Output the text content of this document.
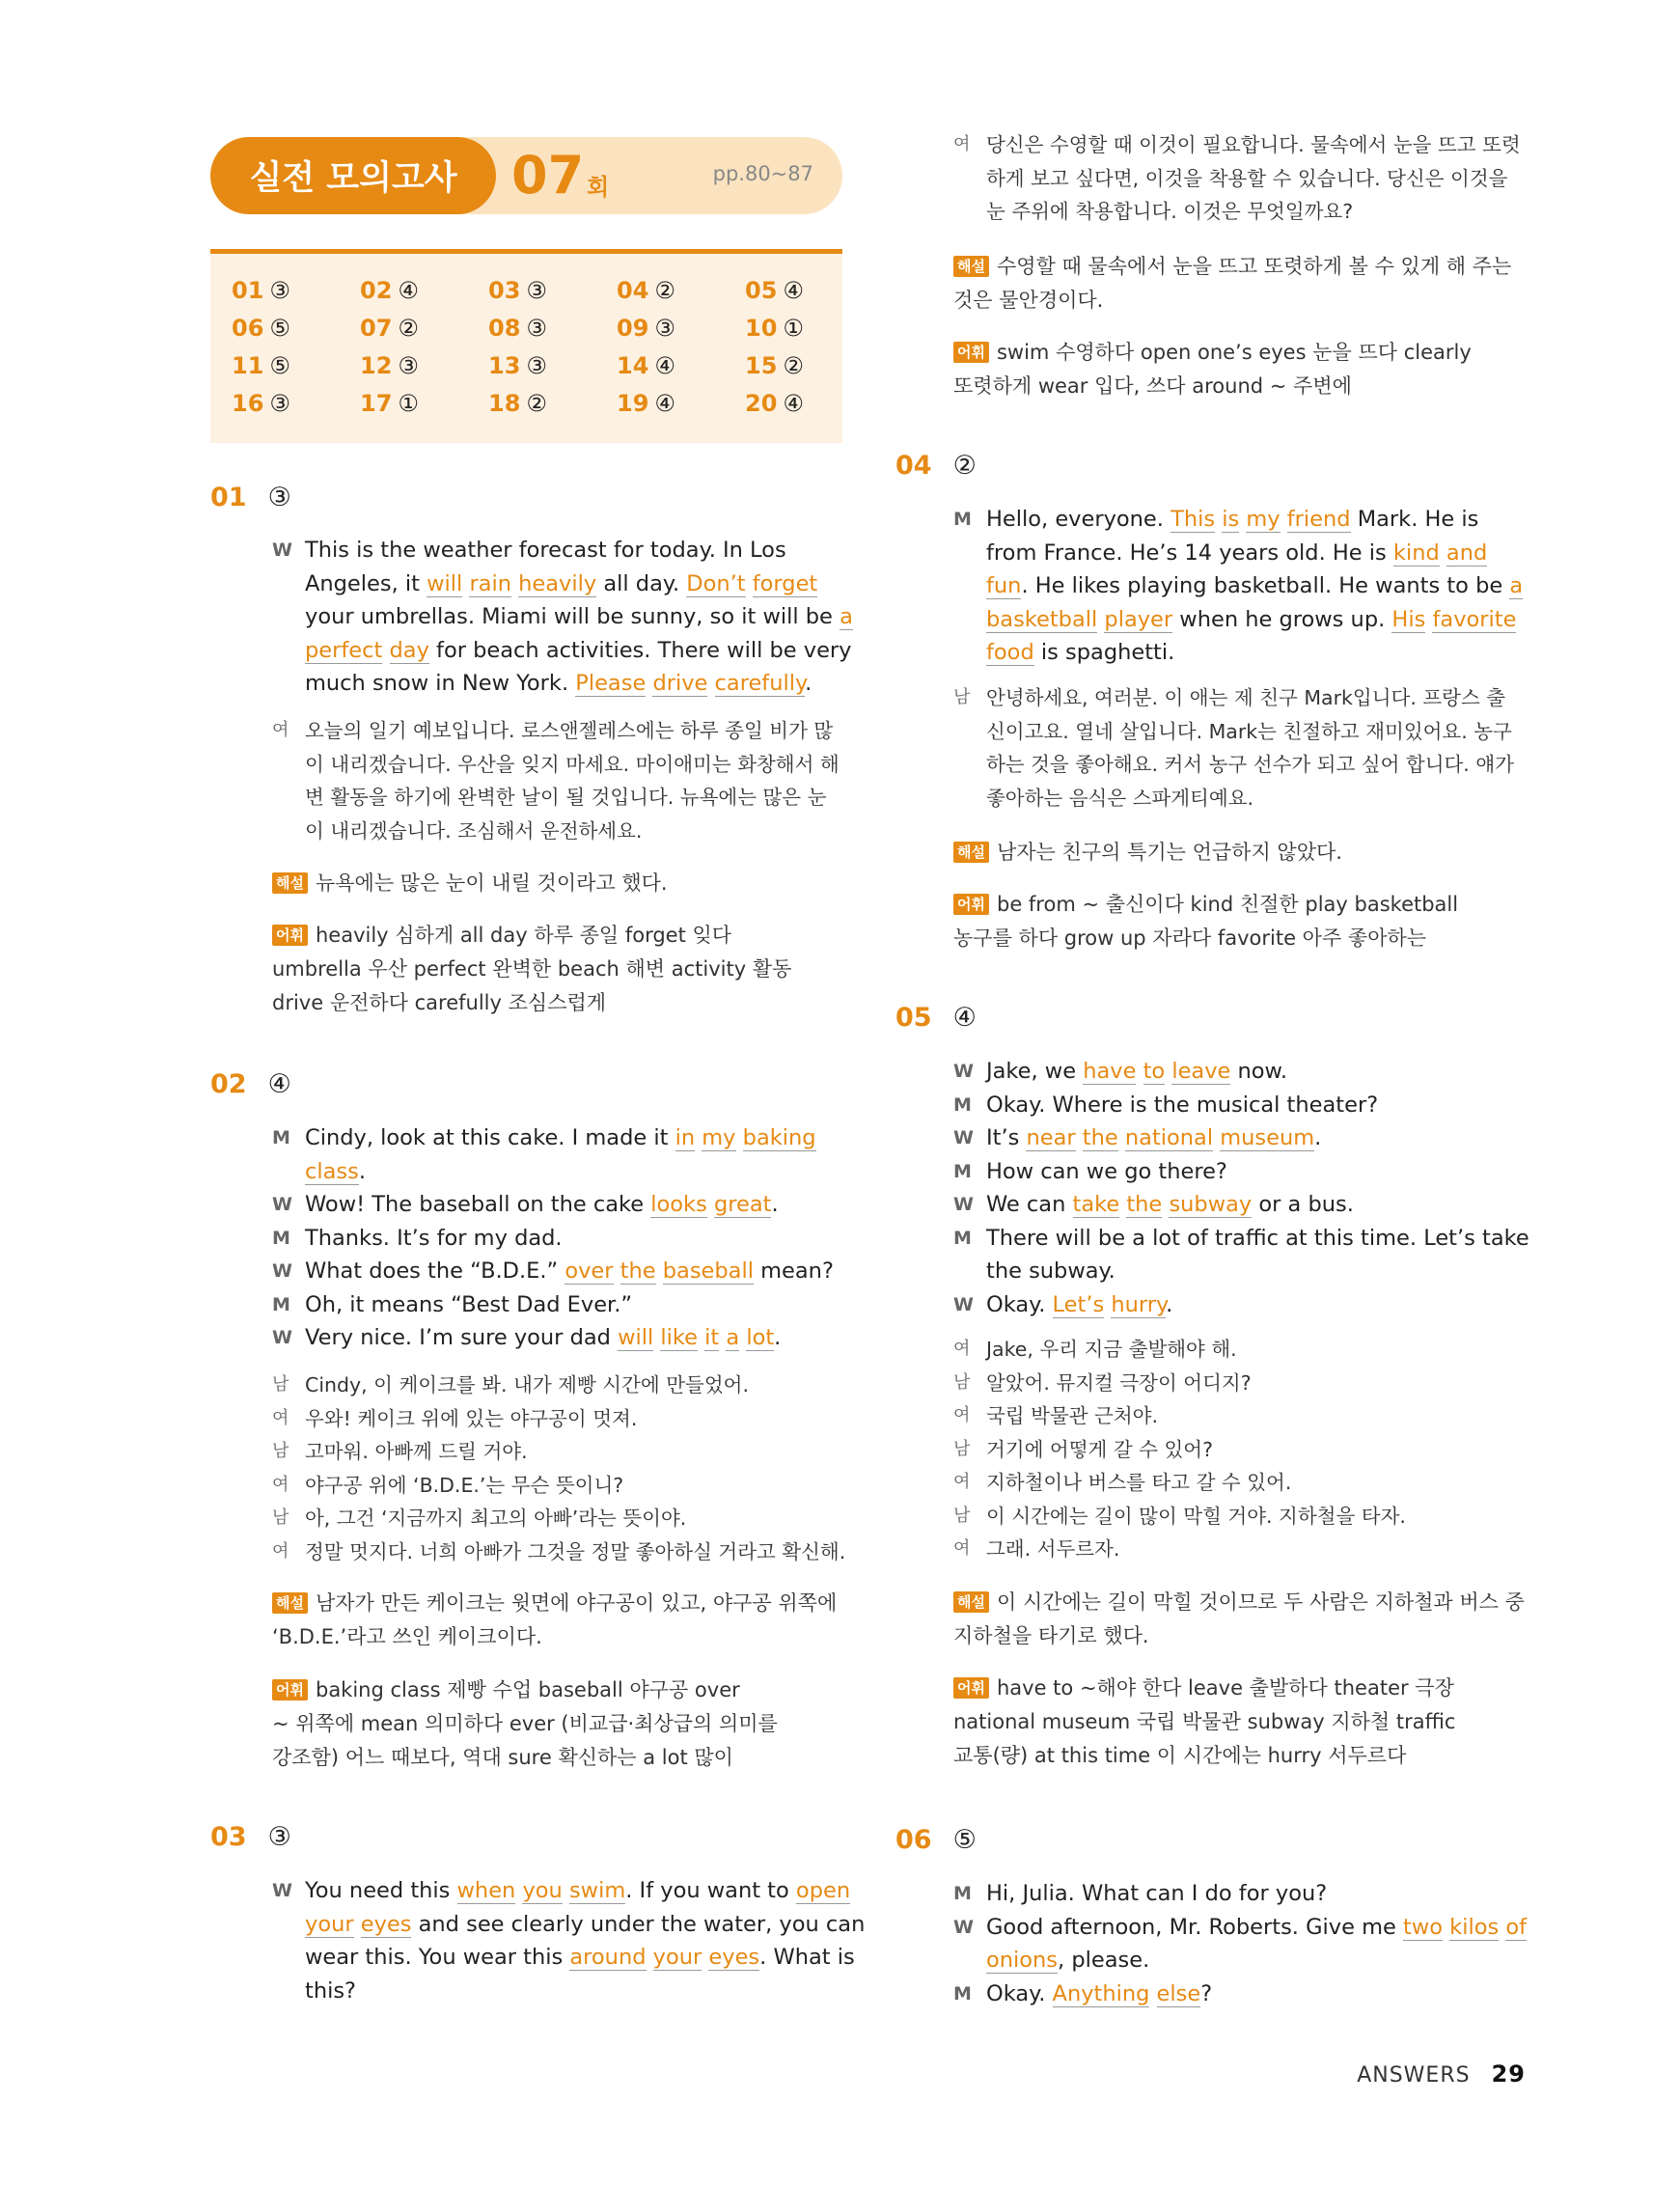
실전 모의고사	07 회	pp.80~87
01 ③	02 ④	03 ③	04 ②	05 ④
06 ⑤	07 ②	08 ③	09 ③	10 ①
11 ⑤	12 ③	13 ③	14 ④	15 ②
16 ③	17 ①	18 ②	19 ④	20 ④
01 ③
W This is the weather forecast for today. In Los
Angeles, it will rain heavily all day. Don’t forget
your umbrellas. Miami will be sunny, so it will be a
perfect day for beach activities. There will be very
much snow in New York. Please drive carefully.
여 오늘의 일기 예보입니다. 로스앤젤레스에는 하루 종일 비가 많
이 내리겠습니다. 우산을 잊지 마세요. 마이애미는 화창해서 해
변 활동을 하기에 완벽한 날이 될 것입니다. 뉴욕에는 많은 눈
이 내리겠습니다. 조심해서 운전하세요.
해설 뉴욕에는 많은 눈이 내릴 것이라고 했다.
어휘 heavily 심하게 all day 하루 종일 forget 잊다
umbrella 우산 perfect 완벽한 beach 해변 activity 활동
drive 운전하다 carefully 조심스럽게
02 ④
M Cindy, look at this cake. I made it in my baking
class.
W Wow! The baseball on the cake looks great.
M Thanks. It’s for my dad.
W What does the “B.D.E.” over the baseball mean?
M Oh, it means “Best Dad Ever.”
W Very nice. I’m sure your dad will like it a lot.
남 Cindy, 이 케이크를 봐. 내가 제빵 시간에 만들었어.
여 우와! 케이크 위에 있는 야구공이 멋져.
남 고마워. 아빠께 드릴 거야.
여 야구공 위에 ‘B.D.E.’는 무슨 뜻이니?
남 아, 그건 ‘지금까지 최고의 아빠’라는 뜻이야.
여 정말 멋지다. 너희 아빠가 그것을 정말 좋아하실 거라고 확신해.
해설 남자가 만든 케이크는 윗면에 야구공이 있고, 야구공 위쪽에
‘B.D.E.’라고 쓰인 케이크이다.
어휘 baking class 제빵 수업 baseball 야구공 over
~ 위쪽에 mean 의미하다 ever (비교급·최상급의 의미를
강조함) 어느 때보다, 역대 sure 확신하는 a lot 많이
03 ③
W You need this when you swim. If you want to open
your eyes and see clearly under the water, you can
wear this. You wear this around your eyes. What is
this?
여 당신은 수영할 때 이것이 필요합니다. 물속에서 눈을 뜨고 또렷
하게 보고 싶다면, 이것을 착용할 수 있습니다. 당신은 이것을
눈 주위에 착용합니다. 이것은 무엇일까요?
해설 수영할 때 물속에서 눈을 뜨고 또렷하게 볼 수 있게 해 주는
것은 물안경이다.
어휘 swim 수영하다 open one’s eyes 눈을 뜨다 clearly
또렷하게 wear 입다, 쓰다 around ~ 주변에
04 ②
M Hello, everyone. This is my friend Mark. He is
from France. He’s 14 years old. He is kind and
fun. He likes playing basketball. He wants to be a
basketball player when he grows up. His favorite
food is spaghetti.
남 안녕하세요, 여러분. 이 애는 제 친구 Mark입니다. 프랑스 출
신이고요. 열네 살입니다. Mark는 친절하고 재미있어요. 농구
하는 것을 좋아해요. 커서 농구 선수가 되고 싶어 합니다. 얘가
좋아하는 음식은 스파게티예요.
해설 남자는 친구의 특기는 언급하지 않았다.
어휘 be from ~ 출신이다 kind 친절한 play basketball
농구를 하다 grow up 자라다 favorite 아주 좋아하는
05 ④
W Jake, we have to leave now.
M Okay. Where is the musical theater?
W It’s near the national museum.
M How can we go there?
W We can take the subway or a bus.
M There will be a lot of traffic at this time. Let’s take
the subway.
W Okay. Let’s hurry.
여 Jake, 우리 지금 출발해야 해.
남 알았어. 뮤지컬 극장이 어디지?
여 국립 박물관 근처야.
남 거기에 어떻게 갈 수 있어?
여 지하철이나 버스를 타고 갈 수 있어.
남 이 시간에는 길이 많이 막힐 거야. 지하철을 타자.
여 그래. 서두르자.
해설 이 시간에는 길이 막힐 것이므로 두 사람은 지하철과 버스 중
지하철을 타기로 했다.
어휘 have to ~해야 한다 leave 출발하다 theater 극장
national museum 국립 박물관 subway 지하철 traffic
교통(량) at this time 이 시간에는 hurry 서두르다
06 ⑤
M Hi, Julia. What can I do for you?
W Good afternoon, Mr. Roberts. Give me two kilos of
onions, please.
M Okay. Anything else?
ANSWERS 29
